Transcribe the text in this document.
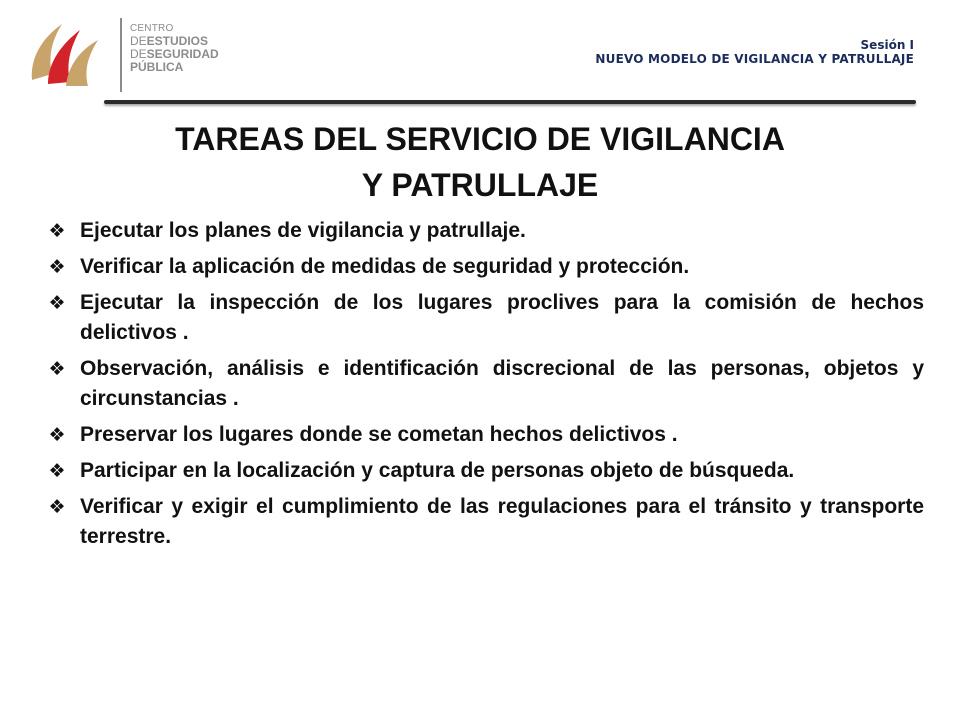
CENTRO
DEESTUDIOS
DESEGURIDAD
PÚBLICA
Sesión I
NUEVO MODELO DE VIGILANCIA Y PATRULLAJE
TAREAS DEL SERVICIO DE VIGILANCIA
Y PATRULLAJE
❖ Ejecutar los planes de vigilancia y patrullaje.
❖ Verificar la aplicación de medidas de seguridad y protección.
❖ Ejecutar la inspección de los lugares proclives para la comisión de hechos delictivos .
❖ Observación, análisis e identificación discrecional de las personas, objetos y circunstancias .
❖ Preservar los lugares donde se cometan hechos delictivos .
❖ Participar en la localización y captura de personas objeto de búsqueda.
❖ Verificar y exigir el cumplimiento de las regulaciones para el tránsito y transporte terrestre.
